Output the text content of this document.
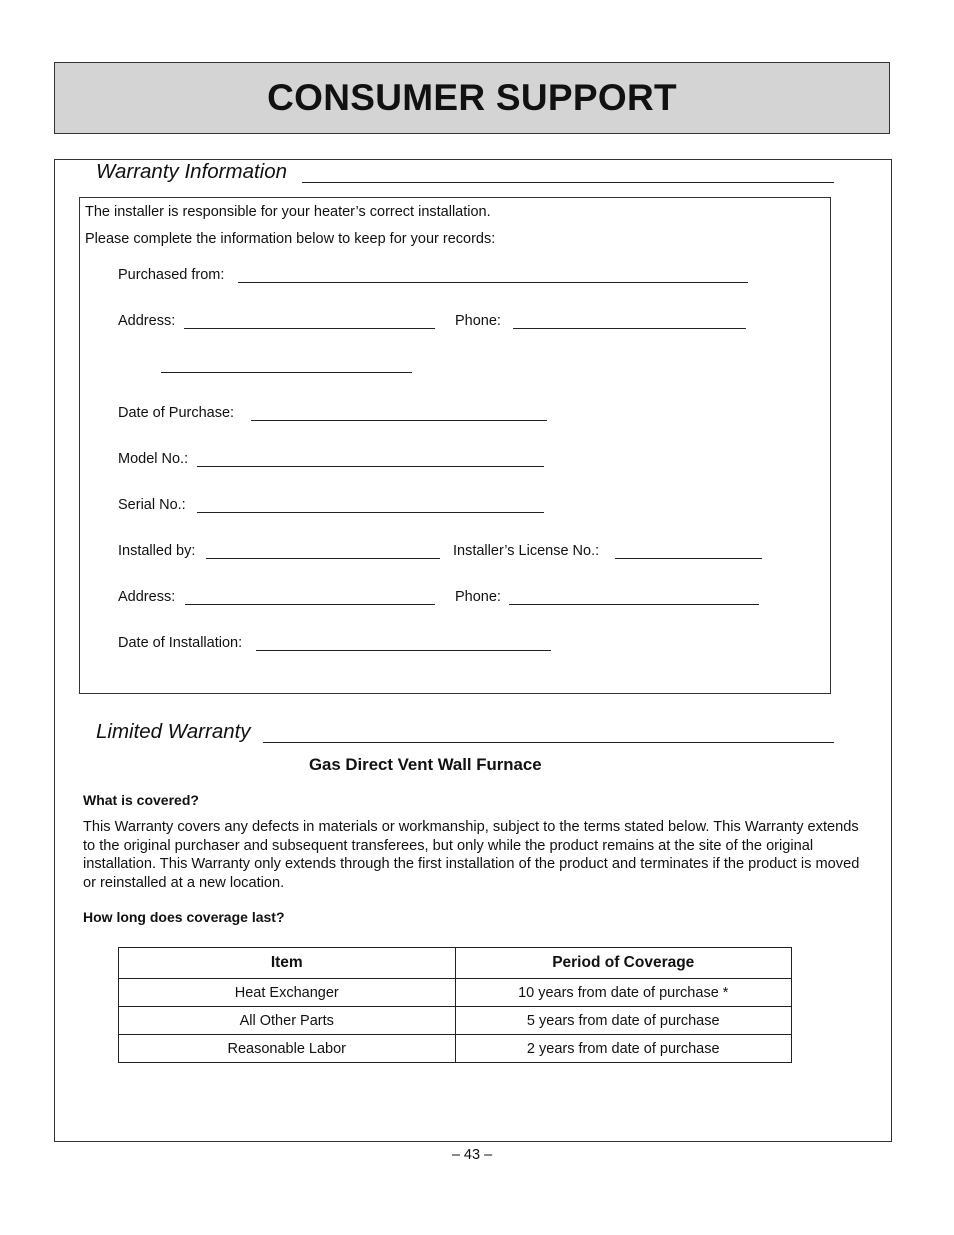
CONSUMER SUPPORT
Warranty Information
The installer is responsible for your heater’s correct installation.
Please complete the information below to keep for your records:
Purchased from:
Address:	Phone:
Date of Purchase:
Model No.:
Serial No.:
Installed by:	Installer’s License No.:
Address:	Phone:
Date of Installation:
Limited Warranty
Gas Direct Vent Wall Furnace
What is covered?
This Warranty covers any defects in materials or workmanship, subject to the terms stated below. This Warranty extends to the original purchaser and subsequent transferees, but only while the product remains at the site of the original installation. This Warranty only extends through the first installation of the product and terminates if the product is moved or reinstalled at a new location.
How long does coverage last?
Item	Period of Coverage
Heat Exchanger	10 years from date of purchase *
All Other Parts	5 years from date of purchase
Reasonable Labor	2 years from date of purchase
– 43 –
